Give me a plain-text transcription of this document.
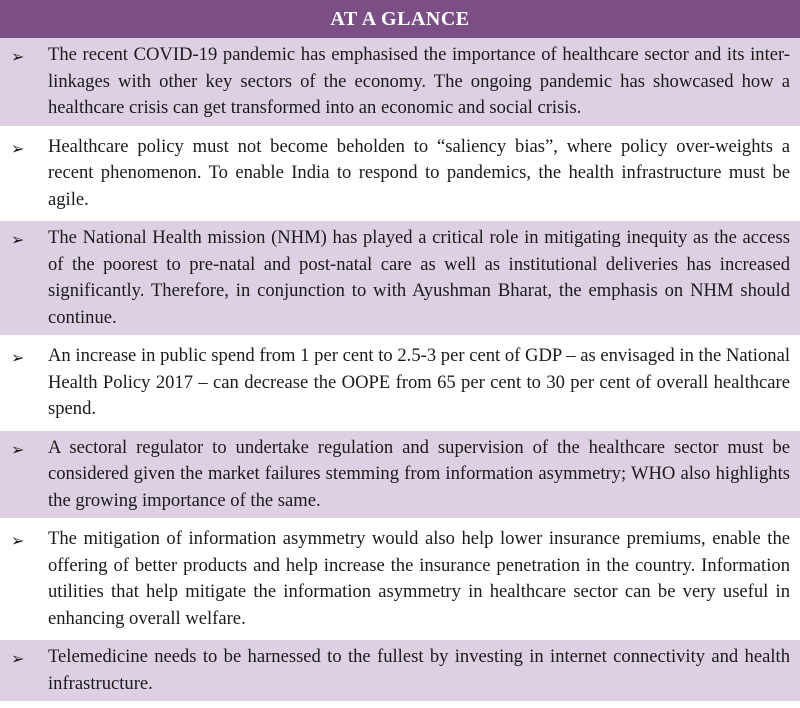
AT A GLANCE
➢ The recent COVID-19 pandemic has emphasised the importance of healthcare sector and its inter-linkages with other key sectors of the economy. The ongoing pandemic has showcased how a healthcare crisis can get transformed into an economic and social crisis.
➢ Healthcare policy must not become beholden to “saliency bias”, where policy over-weights a recent phenomenon. To enable India to respond to pandemics, the health infrastructure must be agile.
➢ The National Health mission (NHM) has played a critical role in mitigating inequity as the access of the poorest to pre-natal and post-natal care as well as institutional deliveries has increased significantly. Therefore, in conjunction to with Ayushman Bharat, the emphasis on NHM should continue.
➢ An increase in public spend from 1 per cent to 2.5-3 per cent of GDP – as envisaged in the National Health Policy 2017 – can decrease the OOPE from 65 per cent to 30 per cent of overall healthcare spend.
➢ A sectoral regulator to undertake regulation and supervision of the healthcare sector must be considered given the market failures stemming from information asymmetry; WHO also highlights the growing importance of the same.
➢ The mitigation of information asymmetry would also help lower insurance premiums, enable the offering of better products and help increase the insurance penetration in the country. Information utilities that help mitigate the information asymmetry in healthcare sector can be very useful in enhancing overall welfare.
➢ Telemedicine needs to be harnessed to the fullest by investing in internet connectivity and health infrastructure.
